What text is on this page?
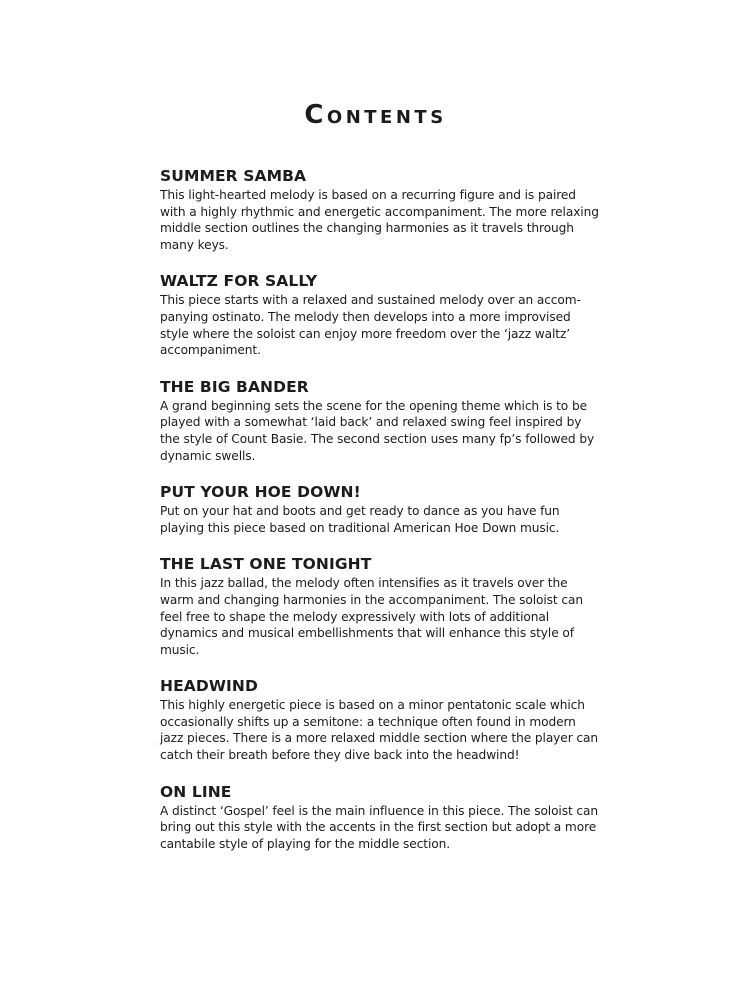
Contents
SUMMER SAMBA

This light-hearted melody is based on a recurring figure and is paired with a highly rhythmic and energetic accompaniment. The more relaxing middle section outlines the changing harmonies as it travels through many keys.

WALTZ FOR SALLY

This piece starts with a relaxed and sustained melody over an accom-panying ostinato. The melody then develops into a more improvised style where the soloist can enjoy more freedom over the ‘jazz waltz’ accompaniment.

THE BIG BANDER

A grand beginning sets the scene for the opening theme which is to be played with a somewhat ‘laid back’ and relaxed swing feel inspired by the style of Count Basie. The second section uses many fp’s followed by dynamic swells.

PUT YOUR HOE DOWN!

Put on your hat and boots and get ready to dance as you have fun playing this piece based on traditional American Hoe Down music.

THE LAST ONE TONIGHT

In this jazz ballad, the melody often intensifies as it travels over the warm and changing harmonies in the accompaniment. The soloist can feel free to shape the melody expressively with lots of additional dynamics and musical embellishments that will enhance this style of music.

HEADWIND

This highly energetic piece is based on a minor pentatonic scale which occasionally shifts up a semitone: a technique often found in modern jazz pieces. There is a more relaxed middle section where the player can catch their breath before they dive back into the headwind!

ON LINE

A distinct ‘Gospel’ feel is the main influence in this piece. The soloist can bring out this style with the accents in the first section but adopt a more cantabile style of playing for the middle section.
